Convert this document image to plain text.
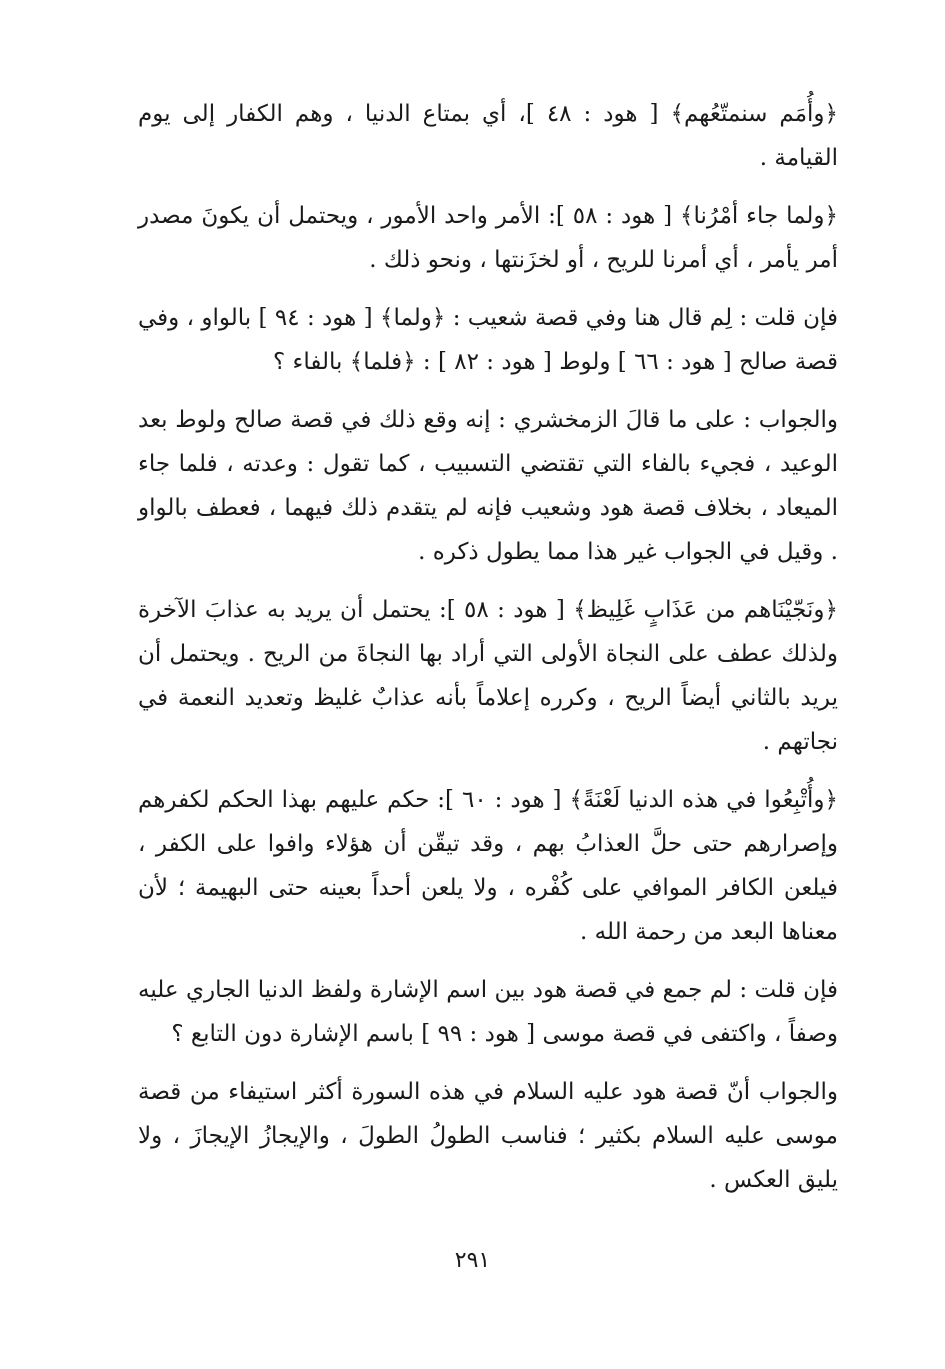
﴿وأُمَم سنمتّعُهم﴾ [ هود : ٤٨ ]، أي بمتاع الدنيا ، وهم الكفار إلى يوم القيامة .

﴿ولما جاء أمْرُنا﴾ [ هود : ٥٨ ]: الأمر واحد الأمور ، ويحتمل أن يكونَ مصدر أمر يأمر ، أي أمرنا للريح ، أو لخزَنتها ، ونحو ذلك .

فإن قلت : لِم قال هنا وفي قصة شعيب : ﴿ولما﴾ [ هود : ٩٤ ] بالواو ، وفي قصة صالح [ هود : ٦٦ ] ولوط [ هود : ٨٢ ] : ﴿فلما﴾ بالفاء ؟

والجواب : على ما قالَ الزمخشري : إنه وقع ذلك في قصة صالح ولوط بعد الوعيد ، فجيء بالفاء التي تقتضي التسبيب ، كما تقول : وعدته ، فلما جاء الميعاد ، بخلاف قصة هود وشعيب فإنه لم يتقدم ذلك فيهما ، فعطف بالواو . وقيل في الجواب غير هذا مما يطول ذكره .

﴿ونَجّيْنَاهم من عَذَابٍ غَلِيظ﴾ [ هود : ٥٨ ]: يحتمل أن يريد به عذابَ الآخرة ولذلك عطف على النجاة الأولى التي أراد بها النجاةَ من الريح . ويحتمل أن يريد بالثاني أيضاً الريح ، وكرره إعلاماً بأنه عذابٌ غليظ وتعديد النعمة في نجاتهم .

﴿وأُتْبِعُوا في هذه الدنيا لَعْنَةً﴾ [ هود : ٦٠ ]: حكم عليهم بهذا الحكم لكفرهم وإصرارهم حتى حلَّ العذابُ بهم ، وقد تيقّن أن هؤلاء وافوا على الكفر ، فيلعن الكافر الموافي على كُفْره ، ولا يلعن أحداً بعينه حتى البهيمة ؛ لأن معناها البعد من رحمة الله .

فإن قلت : لم جمع في قصة هود بين اسم الإشارة ولفظ الدنيا الجاري عليه وصفاً ، واكتفى في قصة موسى [ هود : ٩٩ ] باسم الإشارة دون التابع ؟

والجواب أنّ قصة هود عليه السلام في هذه السورة أكثر استيفاء من قصة موسى عليه السلام بكثير ؛ فناسب الطولُ الطولَ ، والإيجازُ الإيجازَ ، ولا يليق العكس .

٢٩١
